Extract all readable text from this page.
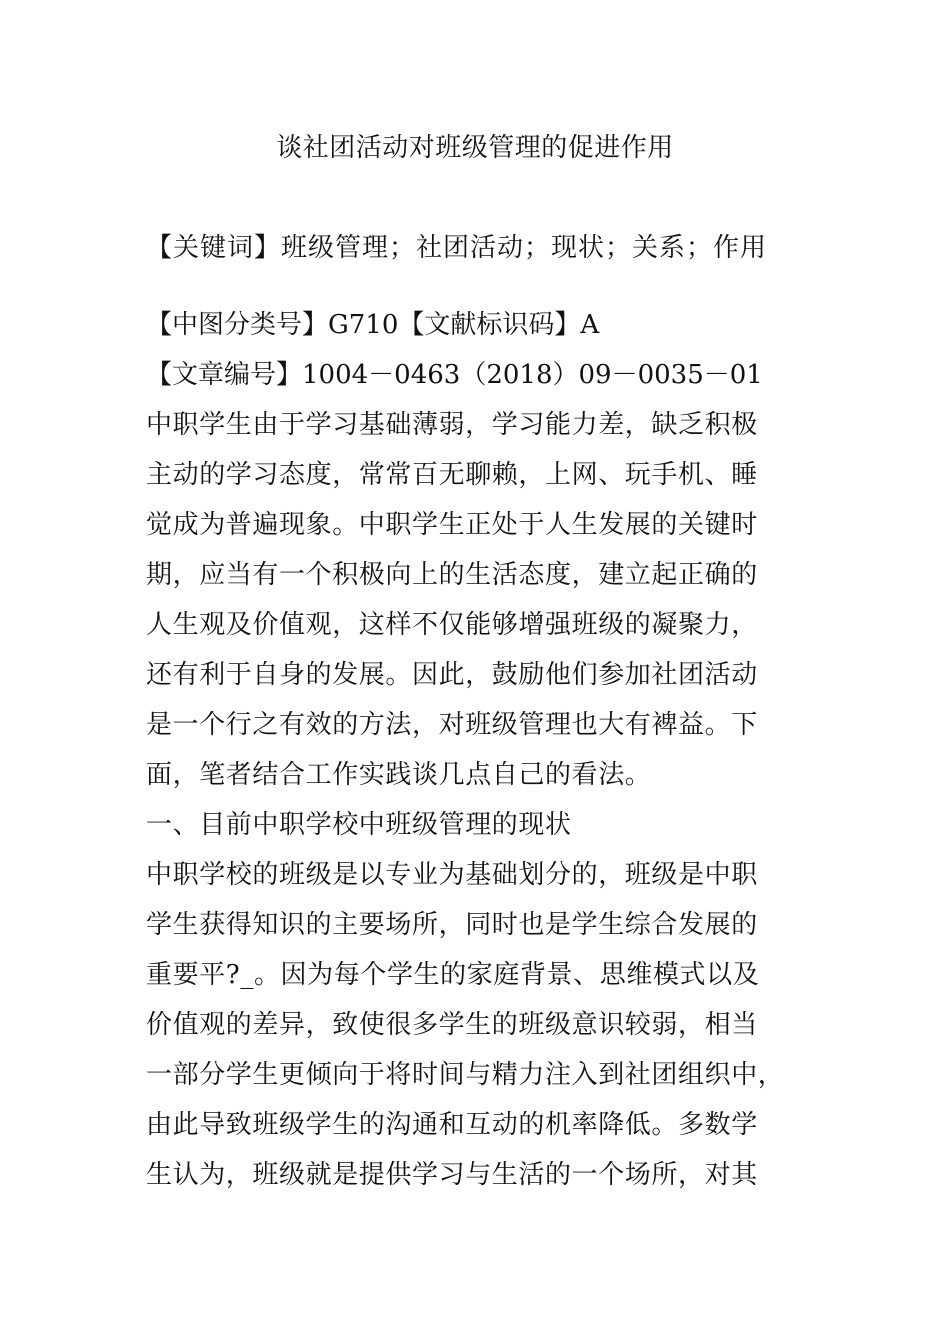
谈社团活动对班级管理的促进作用
【关键词】班级管理；社团活动；现状；关系；作用
【中图分类号】G710【文献标识码】A
【文章编号】1004－0463（2018）09－0035－01
中职学生由于学习基础薄弱，学习能力差，缺乏积极
主动的学习态度，常常百无聊赖，上网、玩手机、睡
觉成为普遍现象。中职学生正处于人生发展的关键时
期，应当有一个积极向上的生活态度，建立起正确的
人生观及价值观，这样不仅能够增强班级的凝聚力，
还有利于自身的发展。因此，鼓励他们参加社团活动
是一个行之有效的方法，对班级管理也大有裨益。下
面，笔者结合工作实践谈几点自己的看法。
一、目前中职学校中班级管理的现状
中职学校的班级是以专业为基础划分的，班级是中职
学生获得知识的主要场所，同时也是学生综合发展的
重要平?_。因为每个学生的家庭背景、思维模式以及
价值观的差异，致使很多学生的班级意识较弱，相当
一部分学生更倾向于将时间与精力注入到社团组织中，
由此导致班级学生的沟通和互动的机率降低。多数学
生认为，班级就是提供学习与生活的一个场所，对其
